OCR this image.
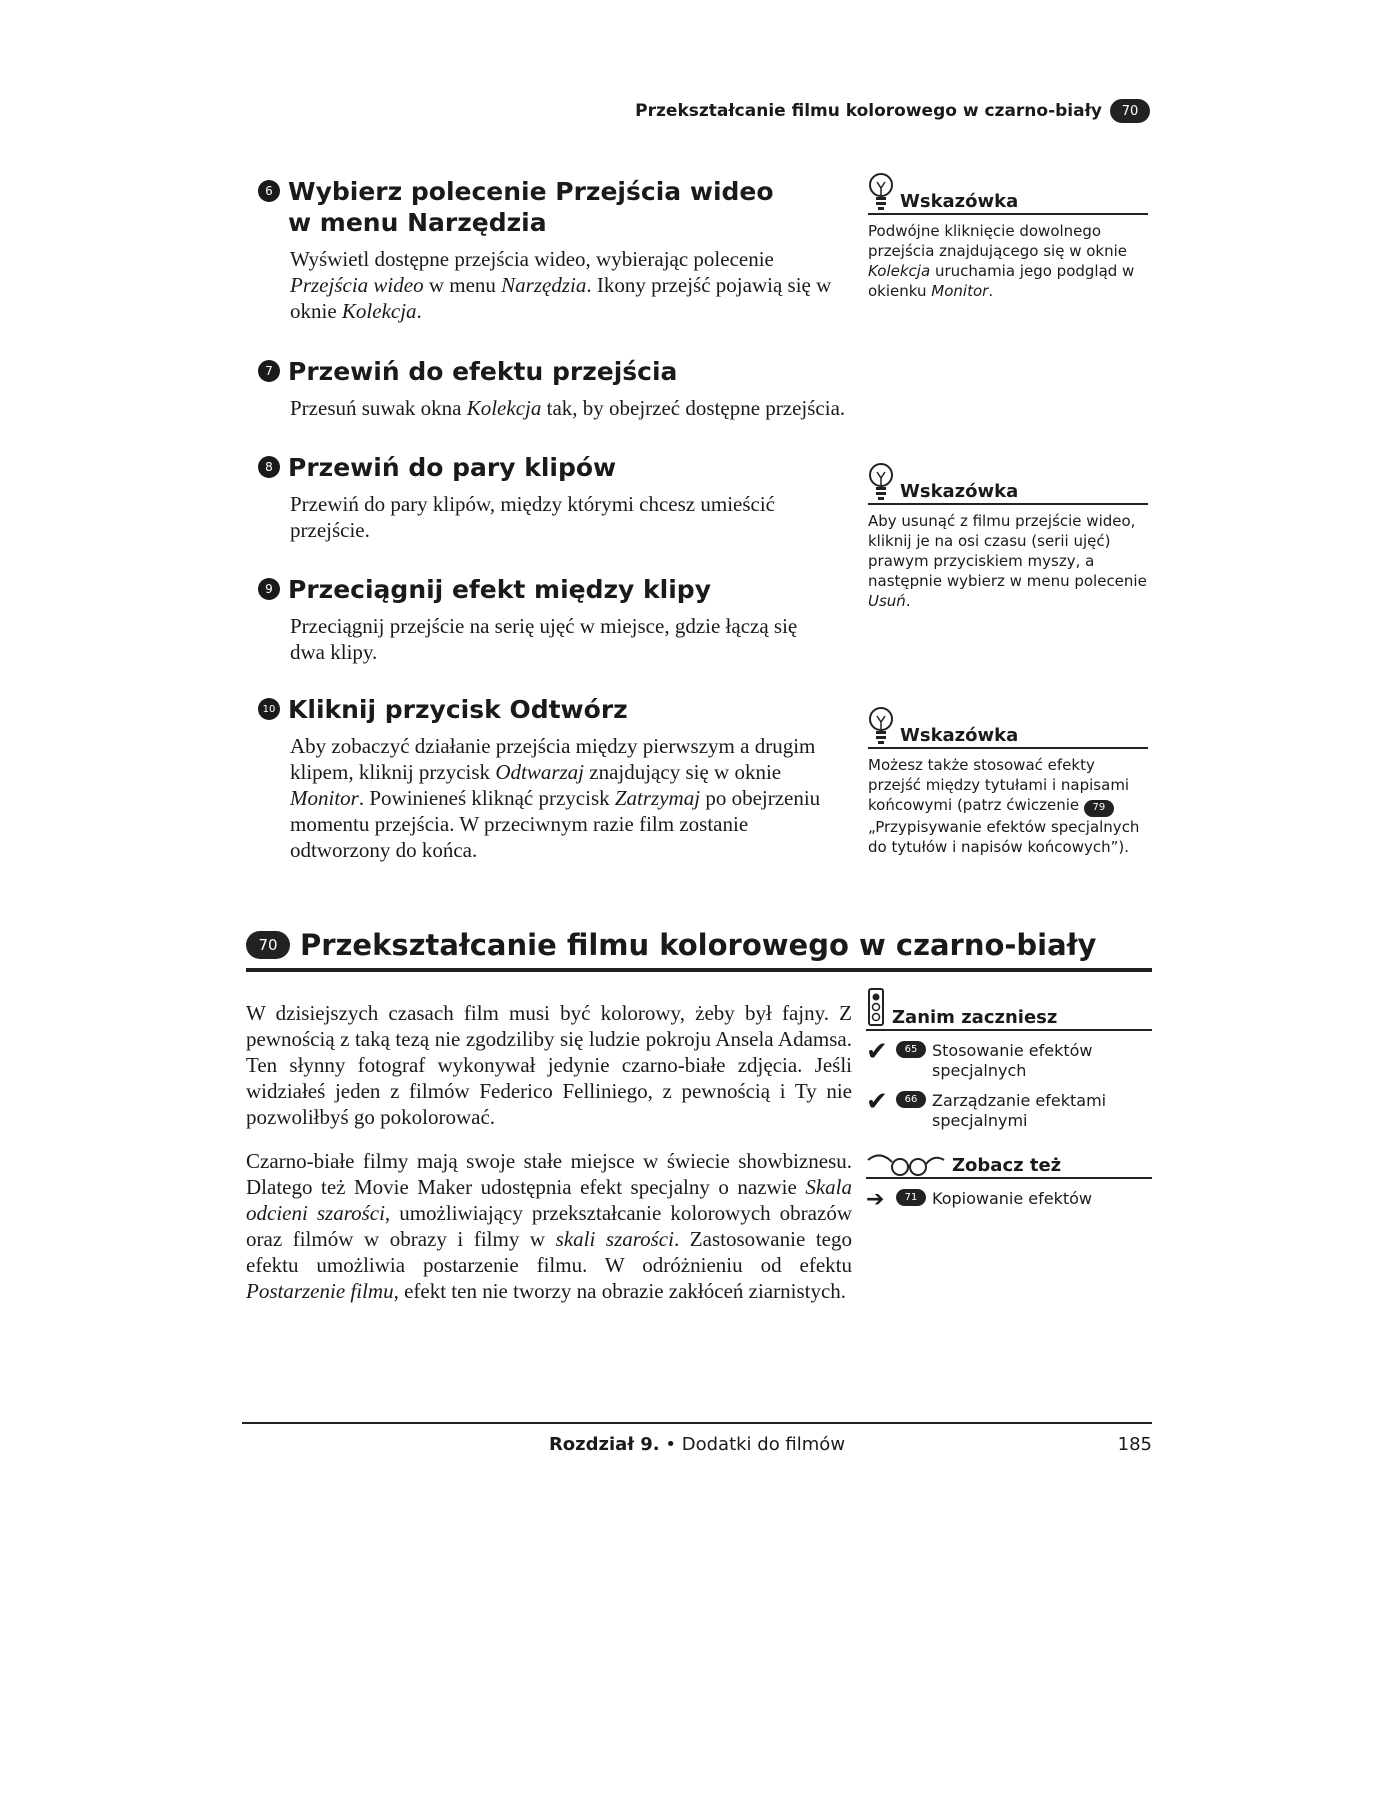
Przekształcanie filmu kolorowego w czarno-biały	70
6 Wybierz polecenie Przejścia wideo
w menu Narzędzia
Wyświetl dostępne przejścia wideo, wybierając polecenie Przejścia wideo w menu Narzędzia. Ikony przejść pojawią się w oknie Kolekcja.
7 Przewiń do efektu przejścia
Przesuń suwak okna Kolekcja tak, by obejrzeć dostępne przejścia.
8 Przewiń do pary klipów
Przewiń do pary klipów, między którymi chcesz umieścić przejście.
9 Przeciągnij efekt między klipy
Przeciągnij przejście na serię ujęć w miejsce, gdzie łączą się dwa klipy.
10 Kliknij przycisk Odtwórz
Aby zobaczyć działanie przejścia między pierwszym a drugim klipem, kliknij przycisk Odtwarzaj znajdujący się w oknie Monitor. Powinieneś kliknąć przycisk Zatrzymaj po obejrzeniu momentu przejścia. W przeciwnym razie film zostanie odtworzony do końca.
Wskazówka
Podwójne kliknięcie dowolnego przejścia znajdującego się w oknie Kolekcja uruchamia jego podgląd w okienku Monitor.
Wskazówka
Aby usunąć z filmu przejście wideo, kliknij je na osi czasu (serii ujęć) prawym przyciskiem myszy, a następnie wybierz w menu polecenie Usuń.
Wskazówka
Możesz także stosować efekty przejść między tytułami i napisami końcowymi (patrz ćwiczenie 79 „Przypisywanie efektów specjalnych do tytułów i napisów końcowych”).
70 Przekształcanie filmu kolorowego w czarno-biały

W dzisiejszych czasach film musi być kolorowy, żeby był fajny. Z pewnością z taką tezą nie zgodziliby się ludzie pokroju Ansela Adamsa. Ten słynny fotograf wykonywał jedynie czarno-białe zdjęcia. Jeśli widziałeś jeden z filmów Federico Felliniego, z pewnością i Ty nie pozwoliłbyś go pokolorować.

Czarno-białe filmy mają swoje stałe miejsce w świecie showbiznesu. Dlatego też Movie Maker udostępnia efekt specjalny o nazwie Skala odcieni szarości, umożliwiający przekształcanie kolorowych obrazów oraz filmów w obrazy i filmy w skali szarości. Zastosowanie tego efektu umożliwia postarzenie filmu. W odróżnieniu od efektu Postarzenie filmu, efekt ten nie tworzy na obrazie zakłóceń ziarnistych.

Zanim zaczniesz
✔	65 Stosowanie efektów specjalnych
✔	66 Zarządzanie efektami specjalnymi
Zobacz też
➔	71 Kopiowanie efektów
Rozdział 9. • Dodatki do filmów	185
